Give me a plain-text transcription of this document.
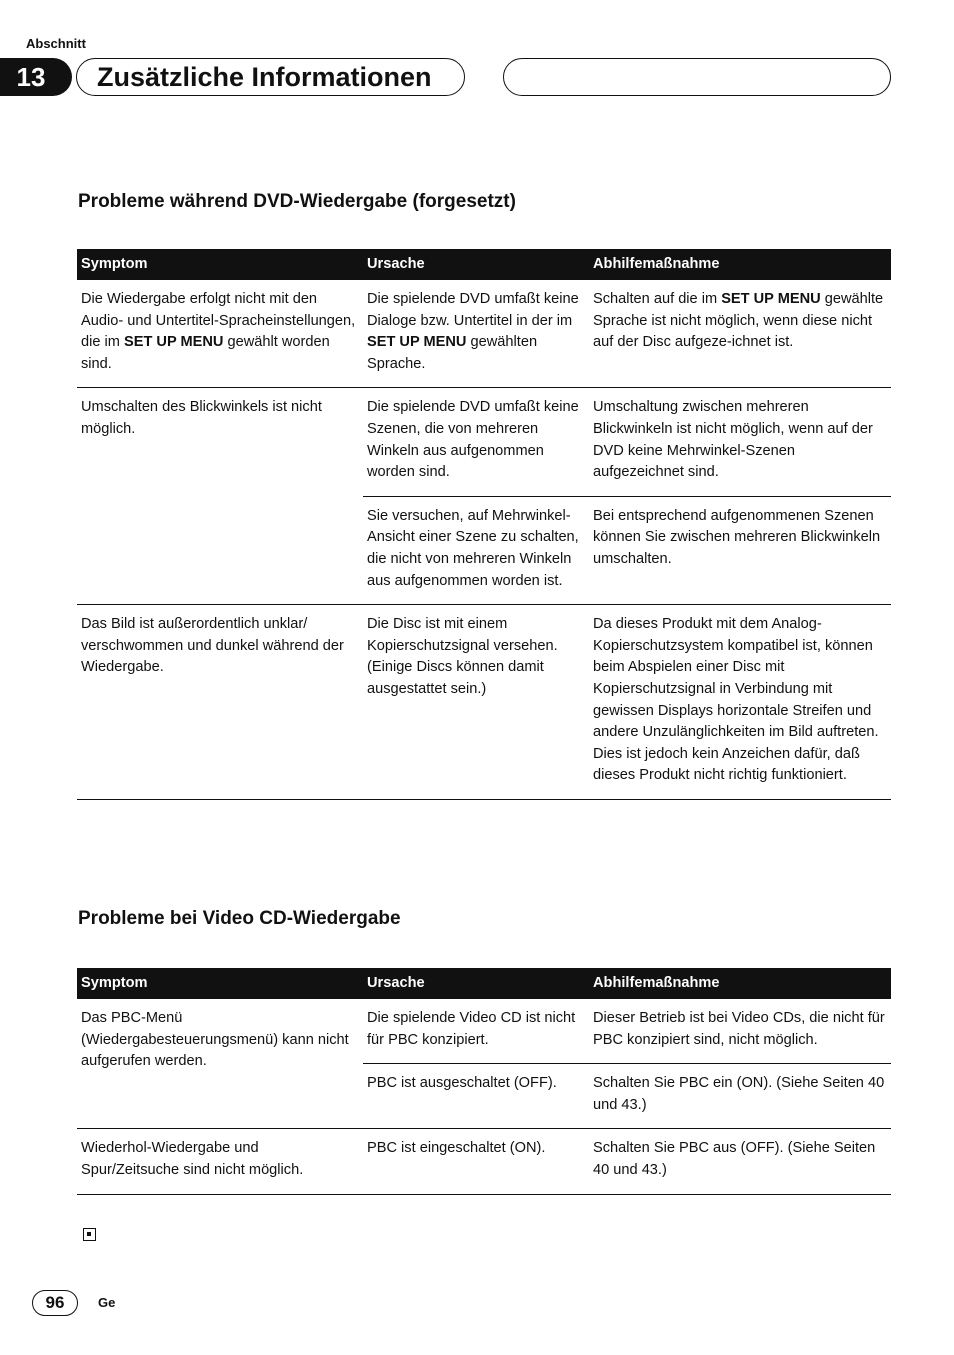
Abschnitt
13	Zusätzliche Informationen
Probleme während DVD-Wiedergabe (forgesetzt)
Symptom	Ursache	Abhilfemaßnahme
Die Wiedergabe erfolgt nicht mit den Audio- und Untertitel-Spracheinstellungen, die im SET UP MENU gewählt worden sind.	Die spielende DVD umfaßt keine Dialoge bzw. Untertitel in der im SET UP MENU gewählten Sprache.	Schalten auf die im SET UP MENU gewählte Sprache ist nicht möglich, wenn diese nicht auf der Disc aufgeze-ichnet ist.
Umschalten des Blickwinkels ist nicht möglich.	Die spielende DVD umfaßt keine Szenen, die von mehreren Winkeln aus aufgenommen worden sind.	Umschaltung zwischen mehreren Blickwinkeln ist nicht möglich, wenn auf der DVD keine Mehrwinkel-Szenen aufgezeichnet sind.
	Sie versuchen, auf Mehrwinkel-Ansicht einer Szene zu schalten, die nicht von mehreren Winkeln aus aufgenommen worden ist.	Bei entsprechend aufgenommenen Szenen können Sie zwischen mehreren Blickwinkeln umschalten.
Das Bild ist außerordentlich unklar/ verschwommen und dunkel während der Wiedergabe.	Die Disc ist mit einem Kopierschutzsignal versehen. (Einige Discs können damit ausgestattet sein.)	Da dieses Produkt mit dem Analog-Kopierschutzsystem kompatibel ist, können beim Abspielen einer Disc mit Kopierschutzsignal in Verbindung mit gewissen Displays horizontale Streifen und andere Unzulänglichkeiten im Bild auftreten. Dies ist jedoch kein Anzeichen dafür, daß dieses Produkt nicht richtig funktioniert.
Probleme bei Video CD-Wiedergabe
Symptom	Ursache	Abhilfemaßnahme
Das PBC-Menü (Wiedergabesteuerungsmenü) kann nicht aufgerufen werden.	Die spielende Video CD ist nicht für PBC konzipiert.	Dieser Betrieb ist bei Video CDs, die nicht für PBC konzipiert sind, nicht möglich.
	PBC ist ausgeschaltet (OFF).	Schalten Sie PBC ein (ON). (Siehe Seiten 40 und 43.)
Wiederhol-Wiedergabe und Spur/Zeitsuche sind nicht möglich.	PBC ist eingeschaltet (ON).	Schalten Sie PBC aus (OFF). (Siehe Seiten 40 und 43.)
96	Ge
